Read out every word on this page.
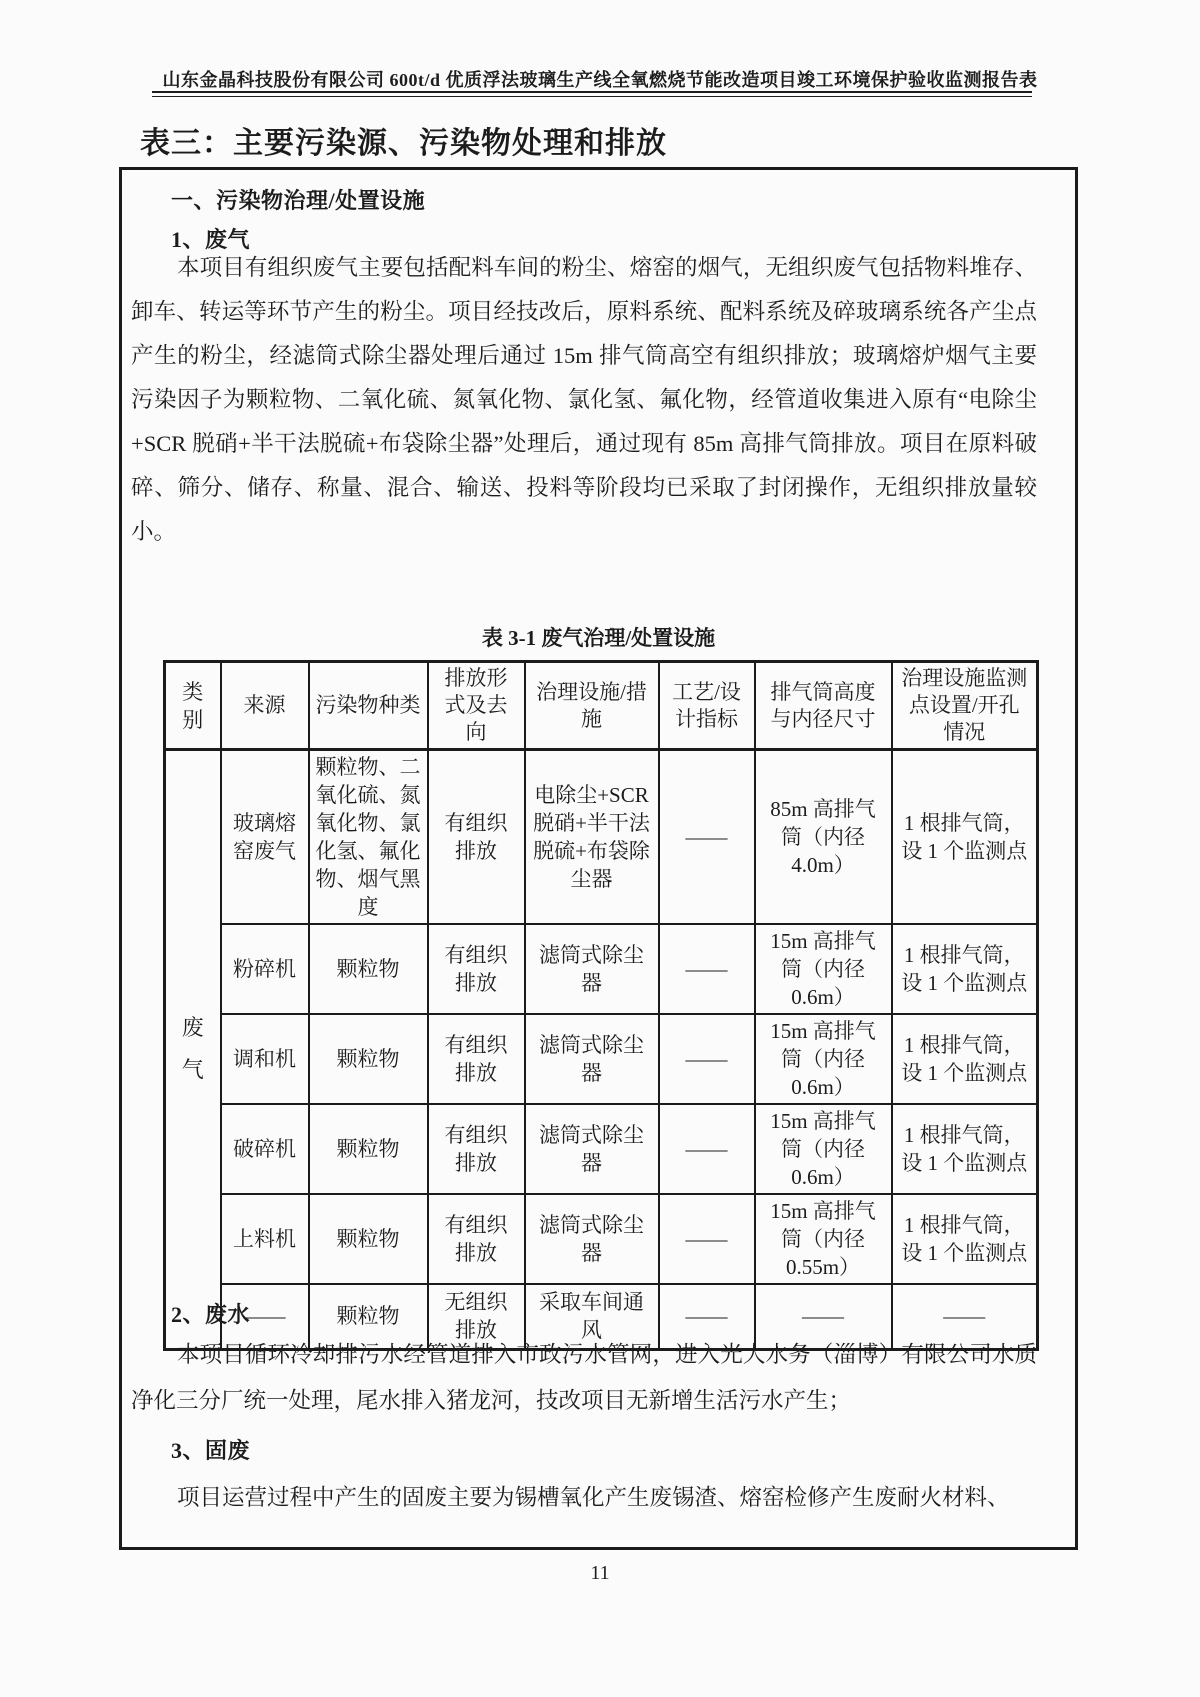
山东金晶科技股份有限公司 600t/d 优质浮法玻璃生产线全氧燃烧节能改造项目竣工环境保护验收监测报告表
表三：主要污染源、污染物处理和排放
一、污染物治理/处置设施
1、废气
本项目有组织废气主要包括配料车间的粉尘、熔窑的烟气，无组织废气包括物料堆存、卸车、转运等环节产生的粉尘。项目经技改后，原料系统、配料系统及碎玻璃系统各产尘点产生的粉尘，经滤筒式除尘器处理后通过 15m 排气筒高空有组织排放；玻璃熔炉烟气主要污染因子为颗粒物、二氧化硫、氮氧化物、氯化氢、氟化物，经管道收集进入原有“电除尘+SCR 脱硝+半干法脱硫+布袋除尘器”处理后，通过现有 85m 高排气筒排放。项目在原料破碎、筛分、储存、称量、混合、输送、投料等阶段均已采取了封闭操作，无组织排放量较小。
表 3-1 废气治理/处置设施
类别	来源	污染物种类	排放形式及去向	治理设施/措施	工艺/设计指标	排气筒高度与内径尺寸	治理设施监测点设置/开孔情况
废气	玻璃熔窑废气	颗粒物、二氧化硫、氮氧化物、氯化氢、氟化物、烟气黑度	有组织排放	电除尘+SCR 脱硝+半干法脱硫+布袋除尘器	——	85m 高排气筒（内径 4.0m）	1 根排气筒，设 1 个监测点
	粉碎机	颗粒物	有组织排放	滤筒式除尘器	——	15m 高排气筒（内径 0.6m）	1 根排气筒，设 1 个监测点
	调和机	颗粒物	有组织排放	滤筒式除尘器	——	15m 高排气筒（内径 0.6m）	1 根排气筒，设 1 个监测点
	破碎机	颗粒物	有组织排放	滤筒式除尘器	——	15m 高排气筒（内径 0.6m）	1 根排气筒，设 1 个监测点
	上料机	颗粒物	有组织排放	滤筒式除尘器	——	15m 高排气筒（内径 0.55m）	1 根排气筒，设 1 个监测点
	——	颗粒物	无组织排放	采取车间通风	——	——	——
2、废水
本项目循环冷却排污水经管道排入市政污水管网，进入光大水务（淄博）有限公司水质净化三分厂统一处理，尾水排入猪龙河，技改项目无新增生活污水产生；
3、固废
项目运营过程中产生的固废主要为锡槽氧化产生废锡渣、熔窑检修产生废耐火材料、
11
